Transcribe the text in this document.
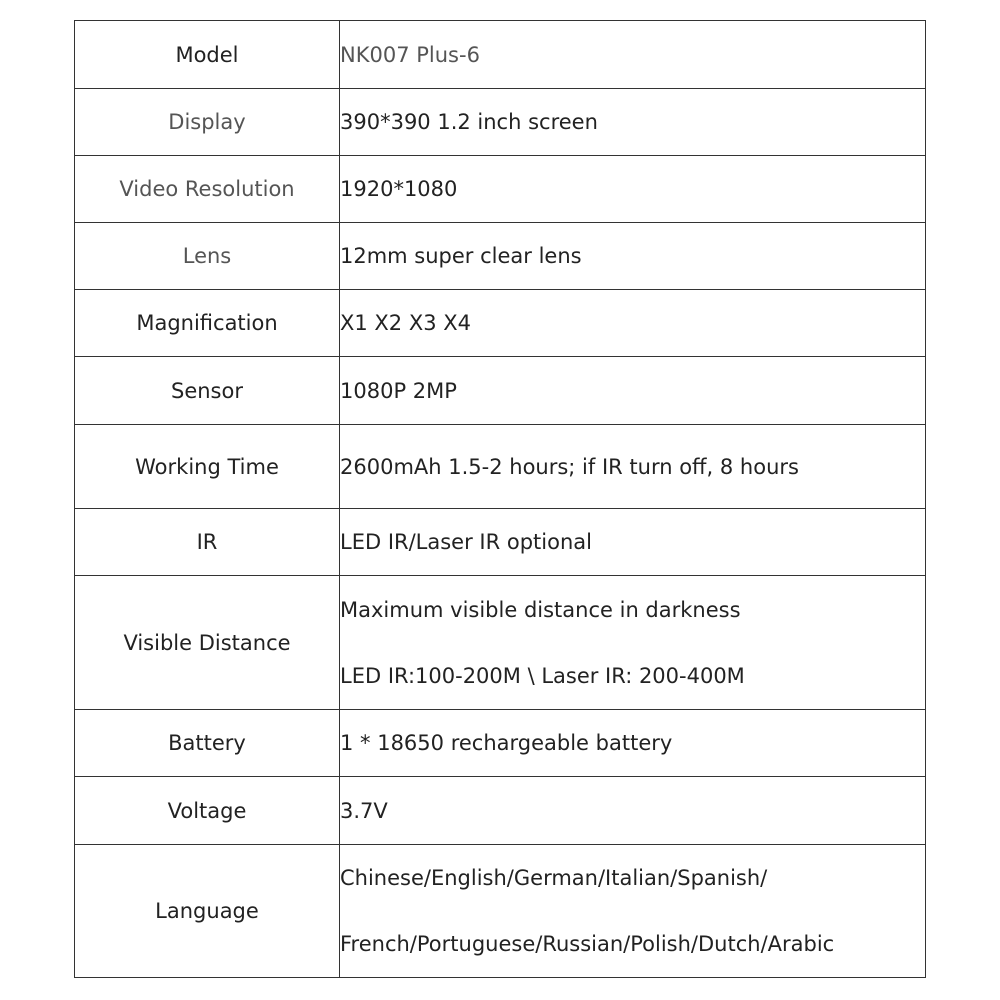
Model	NK007 Plus-6
Display	390*390 1.2 inch screen
Video Resolution	1920*1080
Lens	12mm super clear lens
Magnification	X1 X2 X3 X4
Sensor	1080P 2MP
Working Time	2600mAh 1.5-2 hours; if IR turn off, 8 hours
IR	LED IR/Laser IR optional
Visible Distance	Maximum visible distance in darkness
LED IR:100-200M \ Laser IR: 200-400M

Battery	1 * 18650 rechargeable battery
Voltage	3.7V
Language	Chinese/English/German/Italian/Spanish/
French/Portuguese/Russian/Polish/Dutch/Arabic
